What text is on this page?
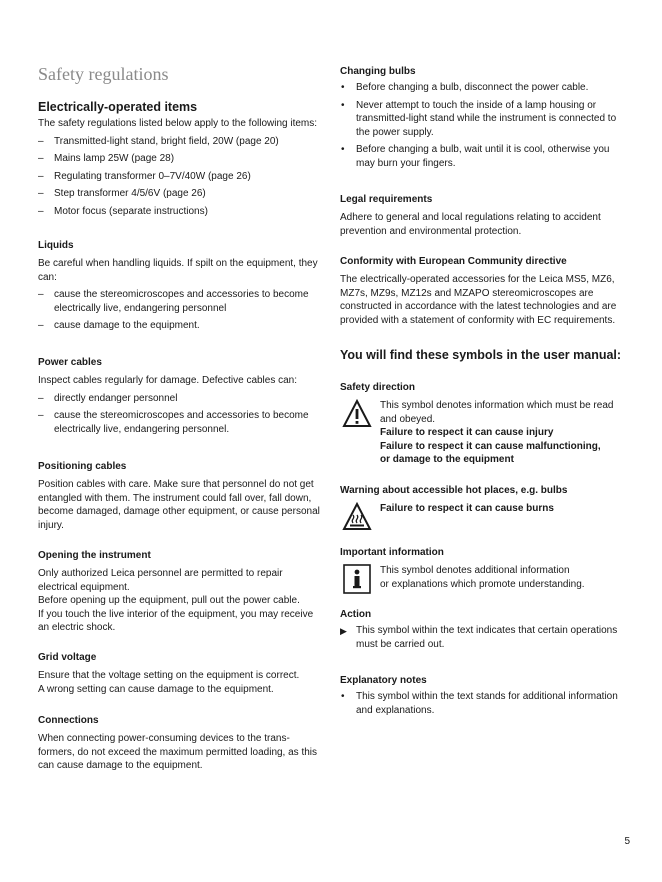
Safety regulations
Electrically-operated items

The safety regulations listed below apply to the following items:

– Transmitted-light stand, bright field, 20W (page 20)
– Mains lamp 25W (page 28)
– Regulating transformer 0–7V/40W (page 26)
– Step transformer 4/5/6V (page 26)
– Motor focus (separate instructions)
Liquids

Be careful when handling liquids. If spilt on the equipment, they can:

– cause the stereomicroscopes and accessories to become electrically live, endangering personnel
– cause damage to the equipment.
Power cables

Inspect cables regularly for damage. Defective cables can:

– directly endanger personnel
– cause the stereomicroscopes and accessories to become electrically live, endangering personnel.
Positioning cables

Position cables with care. Make sure that personnel do not get entangled with them. The instrument could fall over, fall down, become damaged, damage other equipment, or cause personal injury.

Opening the instrument

Only authorized Leica personnel are permitted to repair electrical equipment.

Before opening up the equipment, pull out the power cable.

If you touch the live interior of the equipment, you may receive an electric shock.

Grid voltage

Ensure that the voltage setting on the equipment is correct.

A wrong setting can cause damage to the equipment.

Connections

When connecting power-consuming devices to the trans-formers, do not exceed the maximum permitted loading, as this can cause damage to the equipment.

Changing bulbs
• Before changing a bulb, disconnect the power cable.
• Never attempt to touch the inside of a lamp housing or transmitted-light stand while the instrument is connected to the power supply.
• Before changing a bulb, wait until it is cool, otherwise you may burn your fingers.
Legal requirements

Adhere to general and local regulations relating to accident prevention and environmental protection.

Conformity with European Community directive

The electrically-operated accessories for the Leica MS5, MZ6, MZ7s, MZ9s, MZ12s and MZAPO stereomicroscopes are constructed in accordance with the latest technologies and are provided with a statement of conformity with EC requirements.

You will find these symbols in the user manual:
Safety direction

This symbol denotes information which must be read and obeyed.

Failure to respect it can cause injury

Failure to respect it can cause malfunctioning,

or damage to the equipment

Warning about accessible hot places, e.g. bulbs

Failure to respect it can cause burns

Important information

This symbol denotes additional information

or explanations which promote understanding.

Action
▶ This symbol within the text indicates that certain operations must be carried out.
Explanatory notes
• This symbol within the text stands for additional information and explanations.
5
